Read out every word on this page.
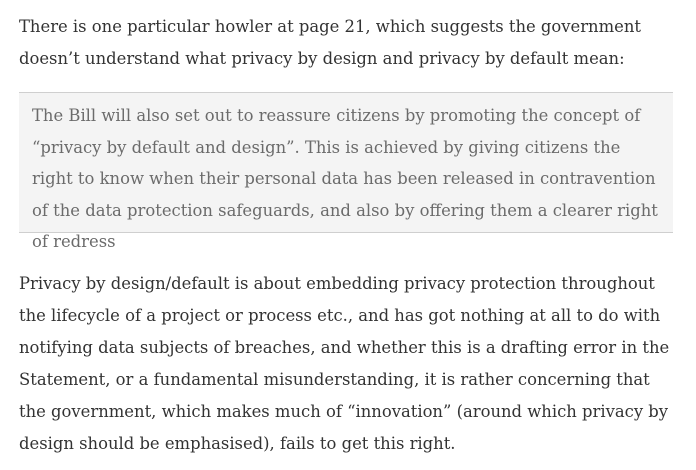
There is one particular howler at page 21, which suggests the government doesn’t understand what privacy by design and privacy by default mean:

The Bill will also set out to reassure citizens by promoting the concept of “privacy by default and design”. This is achieved by giving citizens the right to know when their personal data has been released in contravention of the data protection safeguards, and also by offering them a clearer right of redress

Privacy by design/default is about embedding privacy protection throughout the lifecycle of a project or process etc., and has got nothing at all to do with notifying data subjects of breaches, and whether this is a drafting error in the Statement, or a fundamental misunderstanding, it is rather concerning that the government, which makes much of “innovation” (around which privacy by design should be emphasised), fails to get this right.
